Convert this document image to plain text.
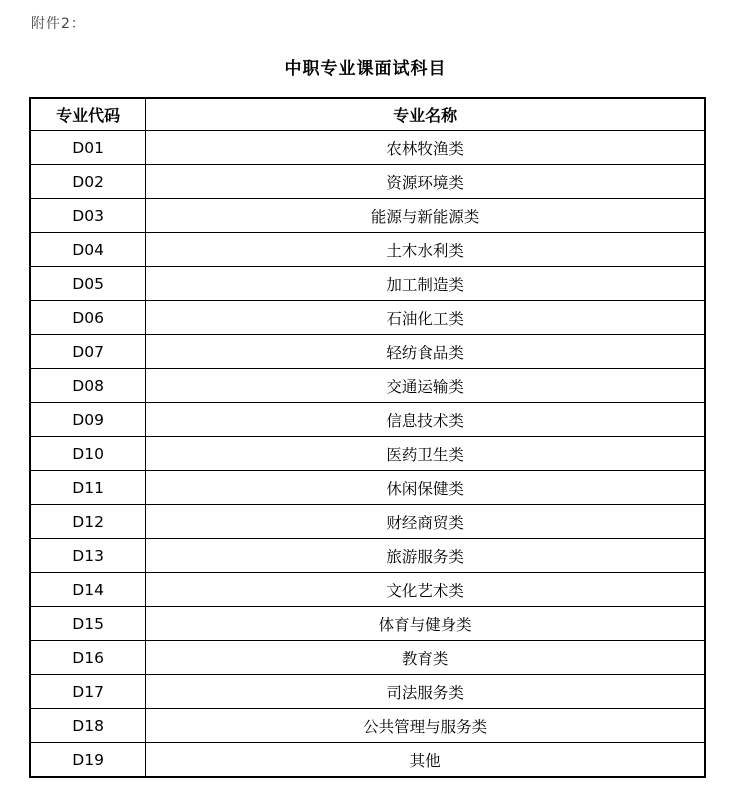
附件2：
中职专业课面试科目
专业代码	专业名称
D01	农林牧渔类
D02	资源环境类
D03	能源与新能源类
D04	土木水利类
D05	加工制造类
D06	石油化工类
D07	轻纺食品类
D08	交通运输类
D09	信息技术类
D10	医药卫生类
D11	休闲保健类
D12	财经商贸类
D13	旅游服务类
D14	文化艺术类
D15	体育与健身类
D16	教育类
D17	司法服务类
D18	公共管理与服务类
D19	其他
